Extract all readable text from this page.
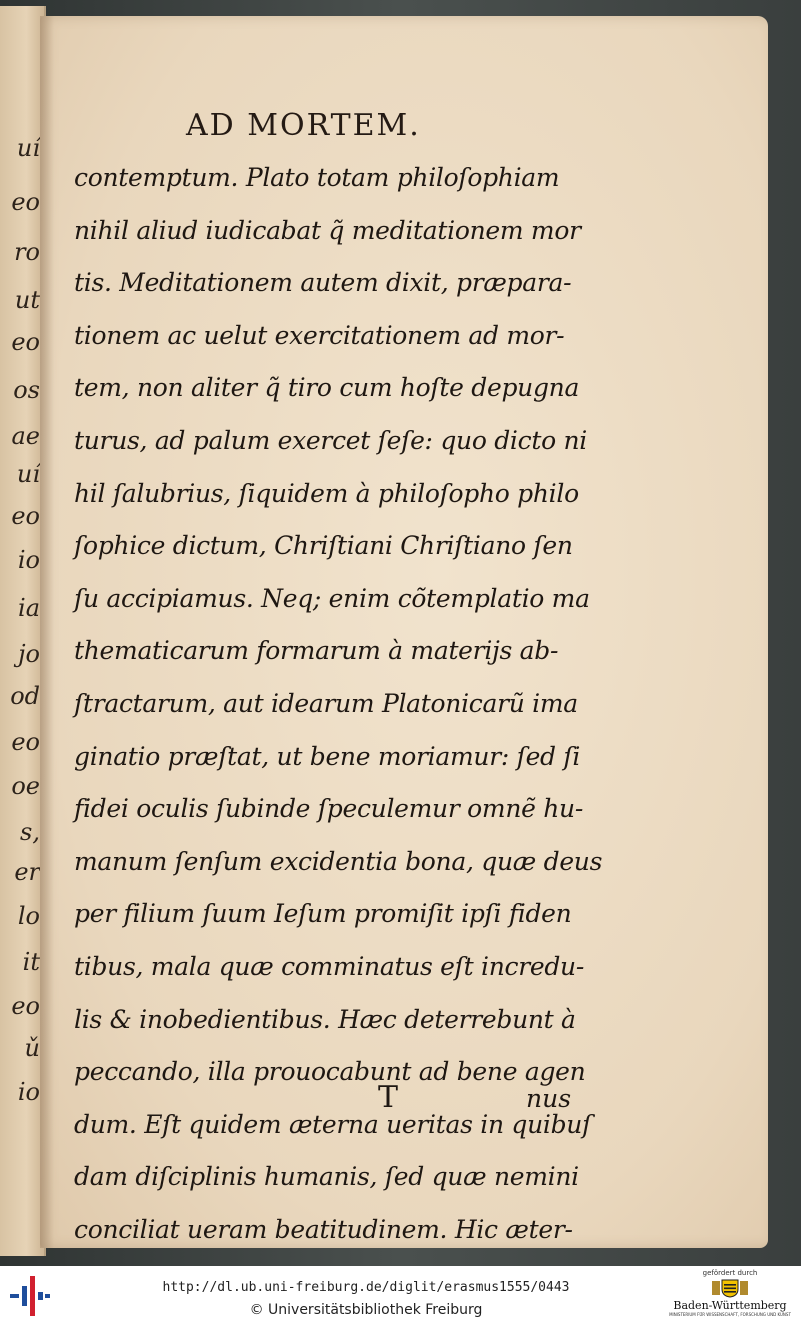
uí
eo
ro
ut
eo
os
ae
uí
eo
io
ia
jo
od
eo
oe
s,
er
lo
it
eo
ǔ
io
AD MORTEM.
contemptum. Plato totam philoſophiam
nihil aliud iudicabat q̃ meditationem mor
tis. Meditationem autem dixit, præpara-
tionem ac uelut exercitationem ad mor-
tem, non aliter q̃ tiro cum hoſte depugna
turus, ad palum exercet ſeſe: quo dicto ni
hil ſalubrius, ſiquidem à philoſopho philo
ſophice dictum, Chriſtiani Chriſtiano ſen
ſu accipiamus. Neq; enim cõtemplatio ma
thematicarum formarum à materijs ab-
ſtractarum, aut idearum Platonicarũ ima
ginatio præſtat, ut bene moriamur: ſed ſi
fidei oculis ſubinde ſpeculemur omnẽ hu-
manum ſenſum excidentia bona, quæ deus
per filium ſuum Ieſum promiſit ipſi fiden
tibus, mala quæ comminatus eſt incredu-
lis & inobedientibus. Hæc deterrebunt à
peccando, illa prouocabunt ad bene agen
dum. Eſt quidem æterna ueritas in quibuſ
dam diſciplinis humanis, ſed quæ nemini
conciliat ueram beatitudinem. Hic æter-
T	nus
http://dl.ub.uni-freiburg.de/diglit/erasmus1555/0443
© Universitätsbibliothek Freiburg
gefördert durch
Baden-Württemberg
MINISTERIUM FÜR WISSENSCHAFT, FORSCHUNG UND KUNST
